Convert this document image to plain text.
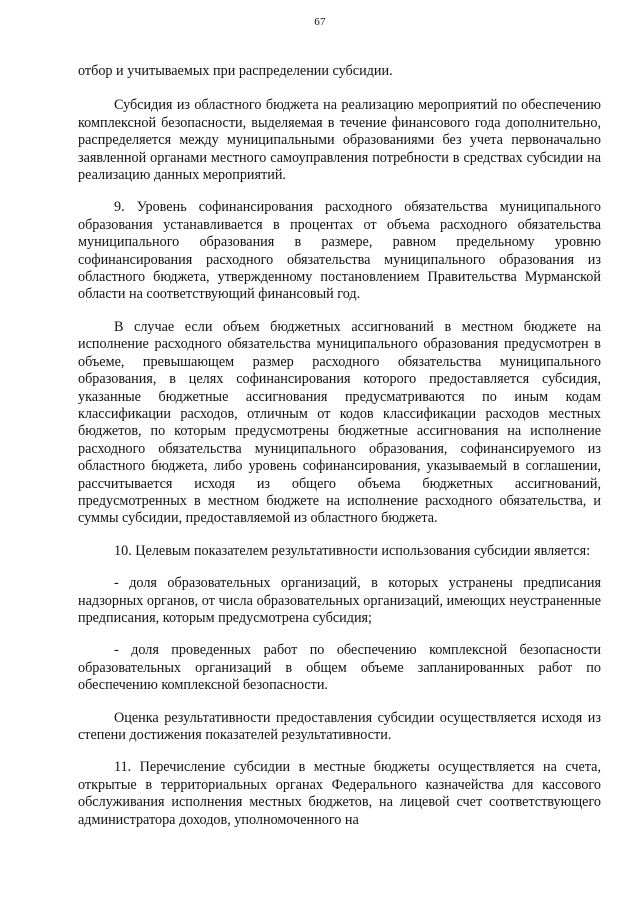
67

отбор и учитываемых при распределении субсидии.

Субсидия из областного бюджета на реализацию мероприятий по обеспечению комплексной безопасности, выделяемая в течение финансового года дополнительно, распределяется между муниципальными образованиями без учета первоначально заявленной органами местного самоуправления потребности в средствах субсидии на реализацию данных мероприятий.

9. Уровень софинансирования расходного обязательства муниципального образования устанавливается в процентах от объема расходного обязательства муниципального образования в размере, равном предельному уровню софинансирования расходного обязательства муниципального образования из областного бюджета, утвержденному постановлением Правительства Мурманской области на соответствующий финансовый год.

В случае если объем бюджетных ассигнований в местном бюджете на исполнение расходного обязательства муниципального образования предусмотрен в объеме, превышающем размер расходного обязательства муниципального образования, в целях софинансирования которого предоставляется субсидия, указанные бюджетные ассигнования предусматриваются по иным кодам классификации расходов, отличным от кодов классификации расходов местных бюджетов, по которым предусмотрены бюджетные ассигнования на исполнение расходного обязательства муниципального образования, софинансируемого из областного бюджета, либо уровень софинансирования, указываемый в соглашении, рассчитывается исходя из общего объема бюджетных ассигнований, предусмотренных в местном бюджете на исполнение расходного обязательства, и суммы субсидии, предоставляемой из областного бюджета.

10. Целевым показателем результативности использования субсидии является:

- доля образовательных организаций, в которых устранены предписания надзорных органов, от числа образовательных организаций, имеющих неустраненные предписания, которым предусмотрена субсидия;

- доля проведенных работ по обеспечению комплексной безопасности образовательных организаций в общем объеме запланированных работ по обеспечению комплексной безопасности.

Оценка результативности предоставления субсидии осуществляется исходя из степени достижения показателей результативности.

11. Перечисление субсидии в местные бюджеты осуществляется на счета, открытые в территориальных органах Федерального казначейства для кассового обслуживания исполнения местных бюджетов, на лицевой счет соответствующего администратора доходов, уполномоченного на
